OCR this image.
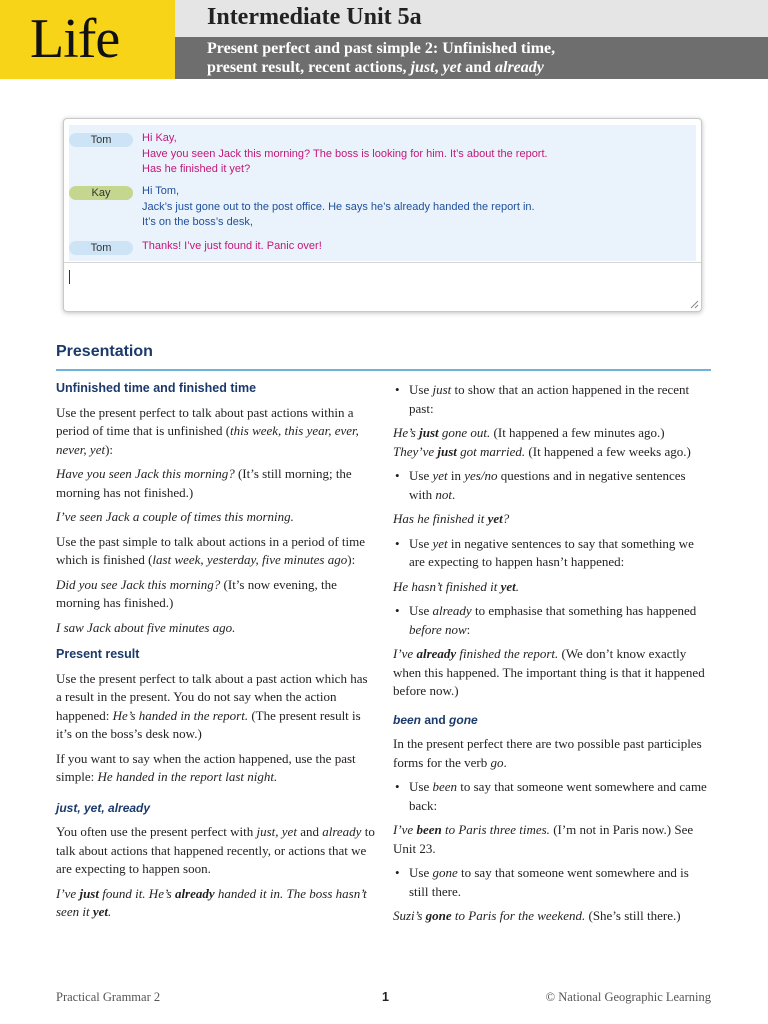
Life	Intermediate Unit 5a
Present perfect and past simple 2: Unfinished time,
present result, recent actions, just, yet and already
Tom	Hi Kay,
Have you seen Jack this morning? The boss is looking for him. It’s about the report.
Has he finished it yet?
Kay	Hi Tom,
Jack’s just gone out to the post office. He says he’s already handed the report in.
It’s on the boss’s desk,
Tom	Thanks! I’ve just found it. Panic over!
Presentation

Unfinished time and finished time

Use the present perfect to talk about past actions within a period of time that is unfinished (this week, this year, ever, never, yet):

Have you seen Jack this morning? (It’s still morning; the morning has not finished.)

I’ve seen Jack a couple of times this morning.

Use the past simple to talk about actions in a period of time which is finished (last week, yesterday, five minutes ago):

Did you see Jack this morning? (It’s now evening, the morning has finished.)

I saw Jack about five minutes ago.

Present result

Use the present perfect to talk about a past action which has a result in the present. You do not say when the action happened: He’s handed in the report. (The present result is it’s on the boss’s desk now.)

If you want to say when the action happened, use the past simple: He handed in the report last night.

just, yet, already

You often use the present perfect with just, yet and already to talk about actions that happened recently, or actions that we are expecting to happen soon.

I’ve just found it. He’s already handed it in. The boss hasn’t seen it yet.

• Use just to show that an action happened in the recent past:

He’s just gone out. (It happened a few minutes ago.)

They’ve just got married. (It happened a few weeks ago.)

• Use yet in yes/no questions and in negative sentences with not.

Has he finished it yet?

• Use yet in negative sentences to say that something we are expecting to happen hasn’t happened:

He hasn’t finished it yet.

• Use already to emphasise that something has happened before now:

I’ve already finished the report. (We don’t know exactly when this happened. The important thing is that it happened before now.)

been and gone

In the present perfect there are two possible past participles forms for the verb go.

• Use been to say that someone went somewhere and came back:

I’ve been to Paris three times. (I’m not in Paris now.) See Unit 23.

• Use gone to say that someone went somewhere and is still there.

Suzi’s gone to Paris for the weekend. (She’s still there.)

Practical Grammar 2	1	© National Geographic Learning
